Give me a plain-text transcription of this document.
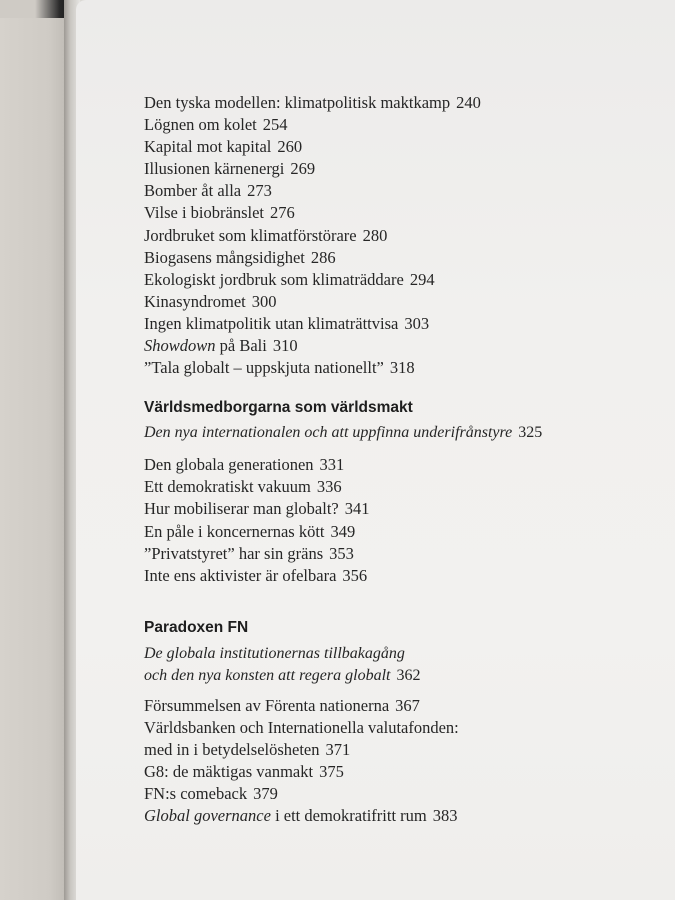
Den tyska modellen: klimatpolitisk maktkamp 240
Lögnen om kolet 254
Kapital mot kapital 260
Illusionen kärnenergi 269
Bomber åt alla 273
Vilse i biobränslet 276
Jordbruket som klimatförstörare 280
Biogasens mångsidighet 286
Ekologiskt jordbruk som klimaträddare 294
Kinasyndromet 300
Ingen klimatpolitik utan klimaträttvisa 303
Showdown på Bali 310
”Tala globalt – uppskjuta nationellt” 318
Världsmedborgarna som världsmakt
Den nya internationalen och att uppfinna underifrånstyre 325
Den globala generationen 331
Ett demokratiskt vakuum 336
Hur mobiliserar man globalt? 341
En påle i koncernernas kött 349
”Privatstyret” har sin gräns 353
Inte ens aktivister är ofelbara 356
Paradoxen FN
De globala institutionernas tillbakagång
och den nya konsten att regera globalt 362
Försummelsen av Förenta nationerna 367
Världsbanken och Internationella valutafonden:
med in i betydelselösheten 371
G8: de mäktigas vanmakt 375
FN:s comeback 379
Global governance i ett demokratifritt rum 383
